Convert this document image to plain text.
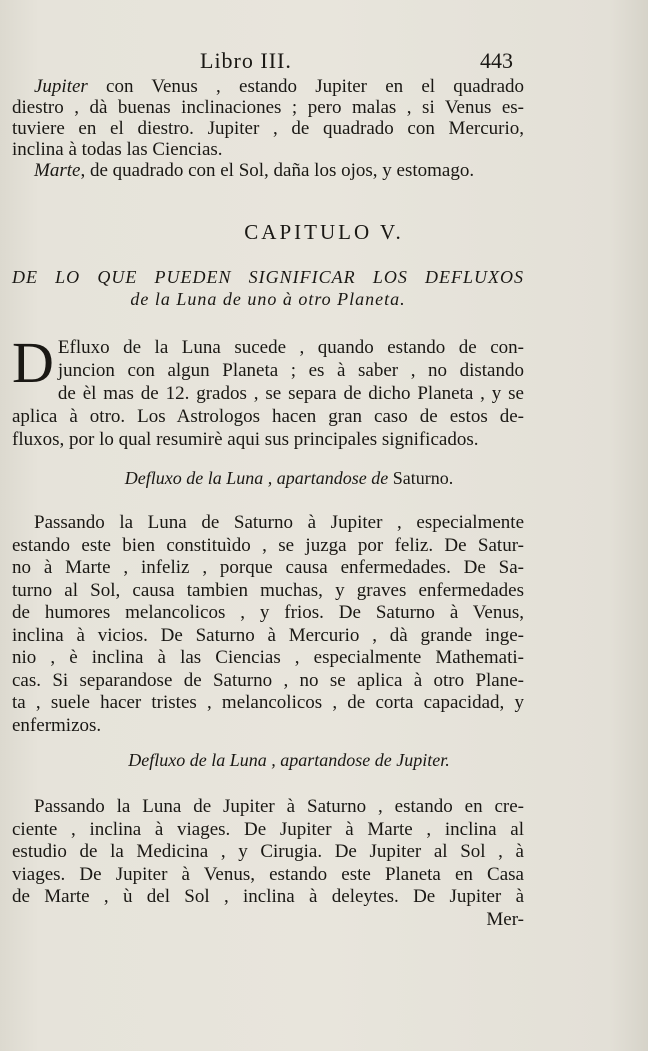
Libro III.	443
Jupiter con Venus , estando Jupiter en el quadrado
diestro , dà buenas inclinaciones ; pero malas , si Venus es-
tuviere en el diestro. Jupiter , de quadrado con Mercurio,
inclina à todas las Ciencias.
Marte, de quadrado con el Sol, daña los ojos, y estomago.
CAPITULO V.
DE LO QUE PUEDEN SIGNIFICAR LOS DEFLUXOS
de la Luna de uno à otro Planeta.
D Efluxo de la Luna sucede , quando estando de con-
juncion con algun Planeta ; es à saber , no distando
de èl mas de 12. grados , se separa de dicho Planeta , y se
aplica à otro. Los Astrologos hacen gran caso de estos de-
fluxos, por lo qual resumirè aqui sus principales significados.
Defluxo de la Luna , apartandose de Saturno.
Passando la Luna de Saturno à Jupiter , especialmente
estando este bien constituìdo , se juzga por feliz. De Satur-
no à Marte , infeliz , porque causa enfermedades. De Sa-
turno al Sol, causa tambien muchas, y graves enfermedades
de humores melancolicos , y frios. De Saturno à Venus,
inclina à vicios. De Saturno à Mercurio , dà grande inge-
nio , è inclina à las Ciencias , especialmente Mathemati-
cas. Si separandose de Saturno , no se aplica à otro Plane-
ta , suele hacer tristes , melancolicos , de corta capacidad, y
enfermizos.
Defluxo de la Luna , apartandose de Jupiter.
Passando la Luna de Jupiter à Saturno , estando en cre-
ciente , inclina à viages. De Jupiter à Marte , inclina al
estudio de la Medicina , y Cirugia. De Jupiter al Sol , à
viages. De Jupiter à Venus, estando este Planeta en Casa
de Marte , ù del Sol , inclina à deleytes. De Jupiter à
Mer-
